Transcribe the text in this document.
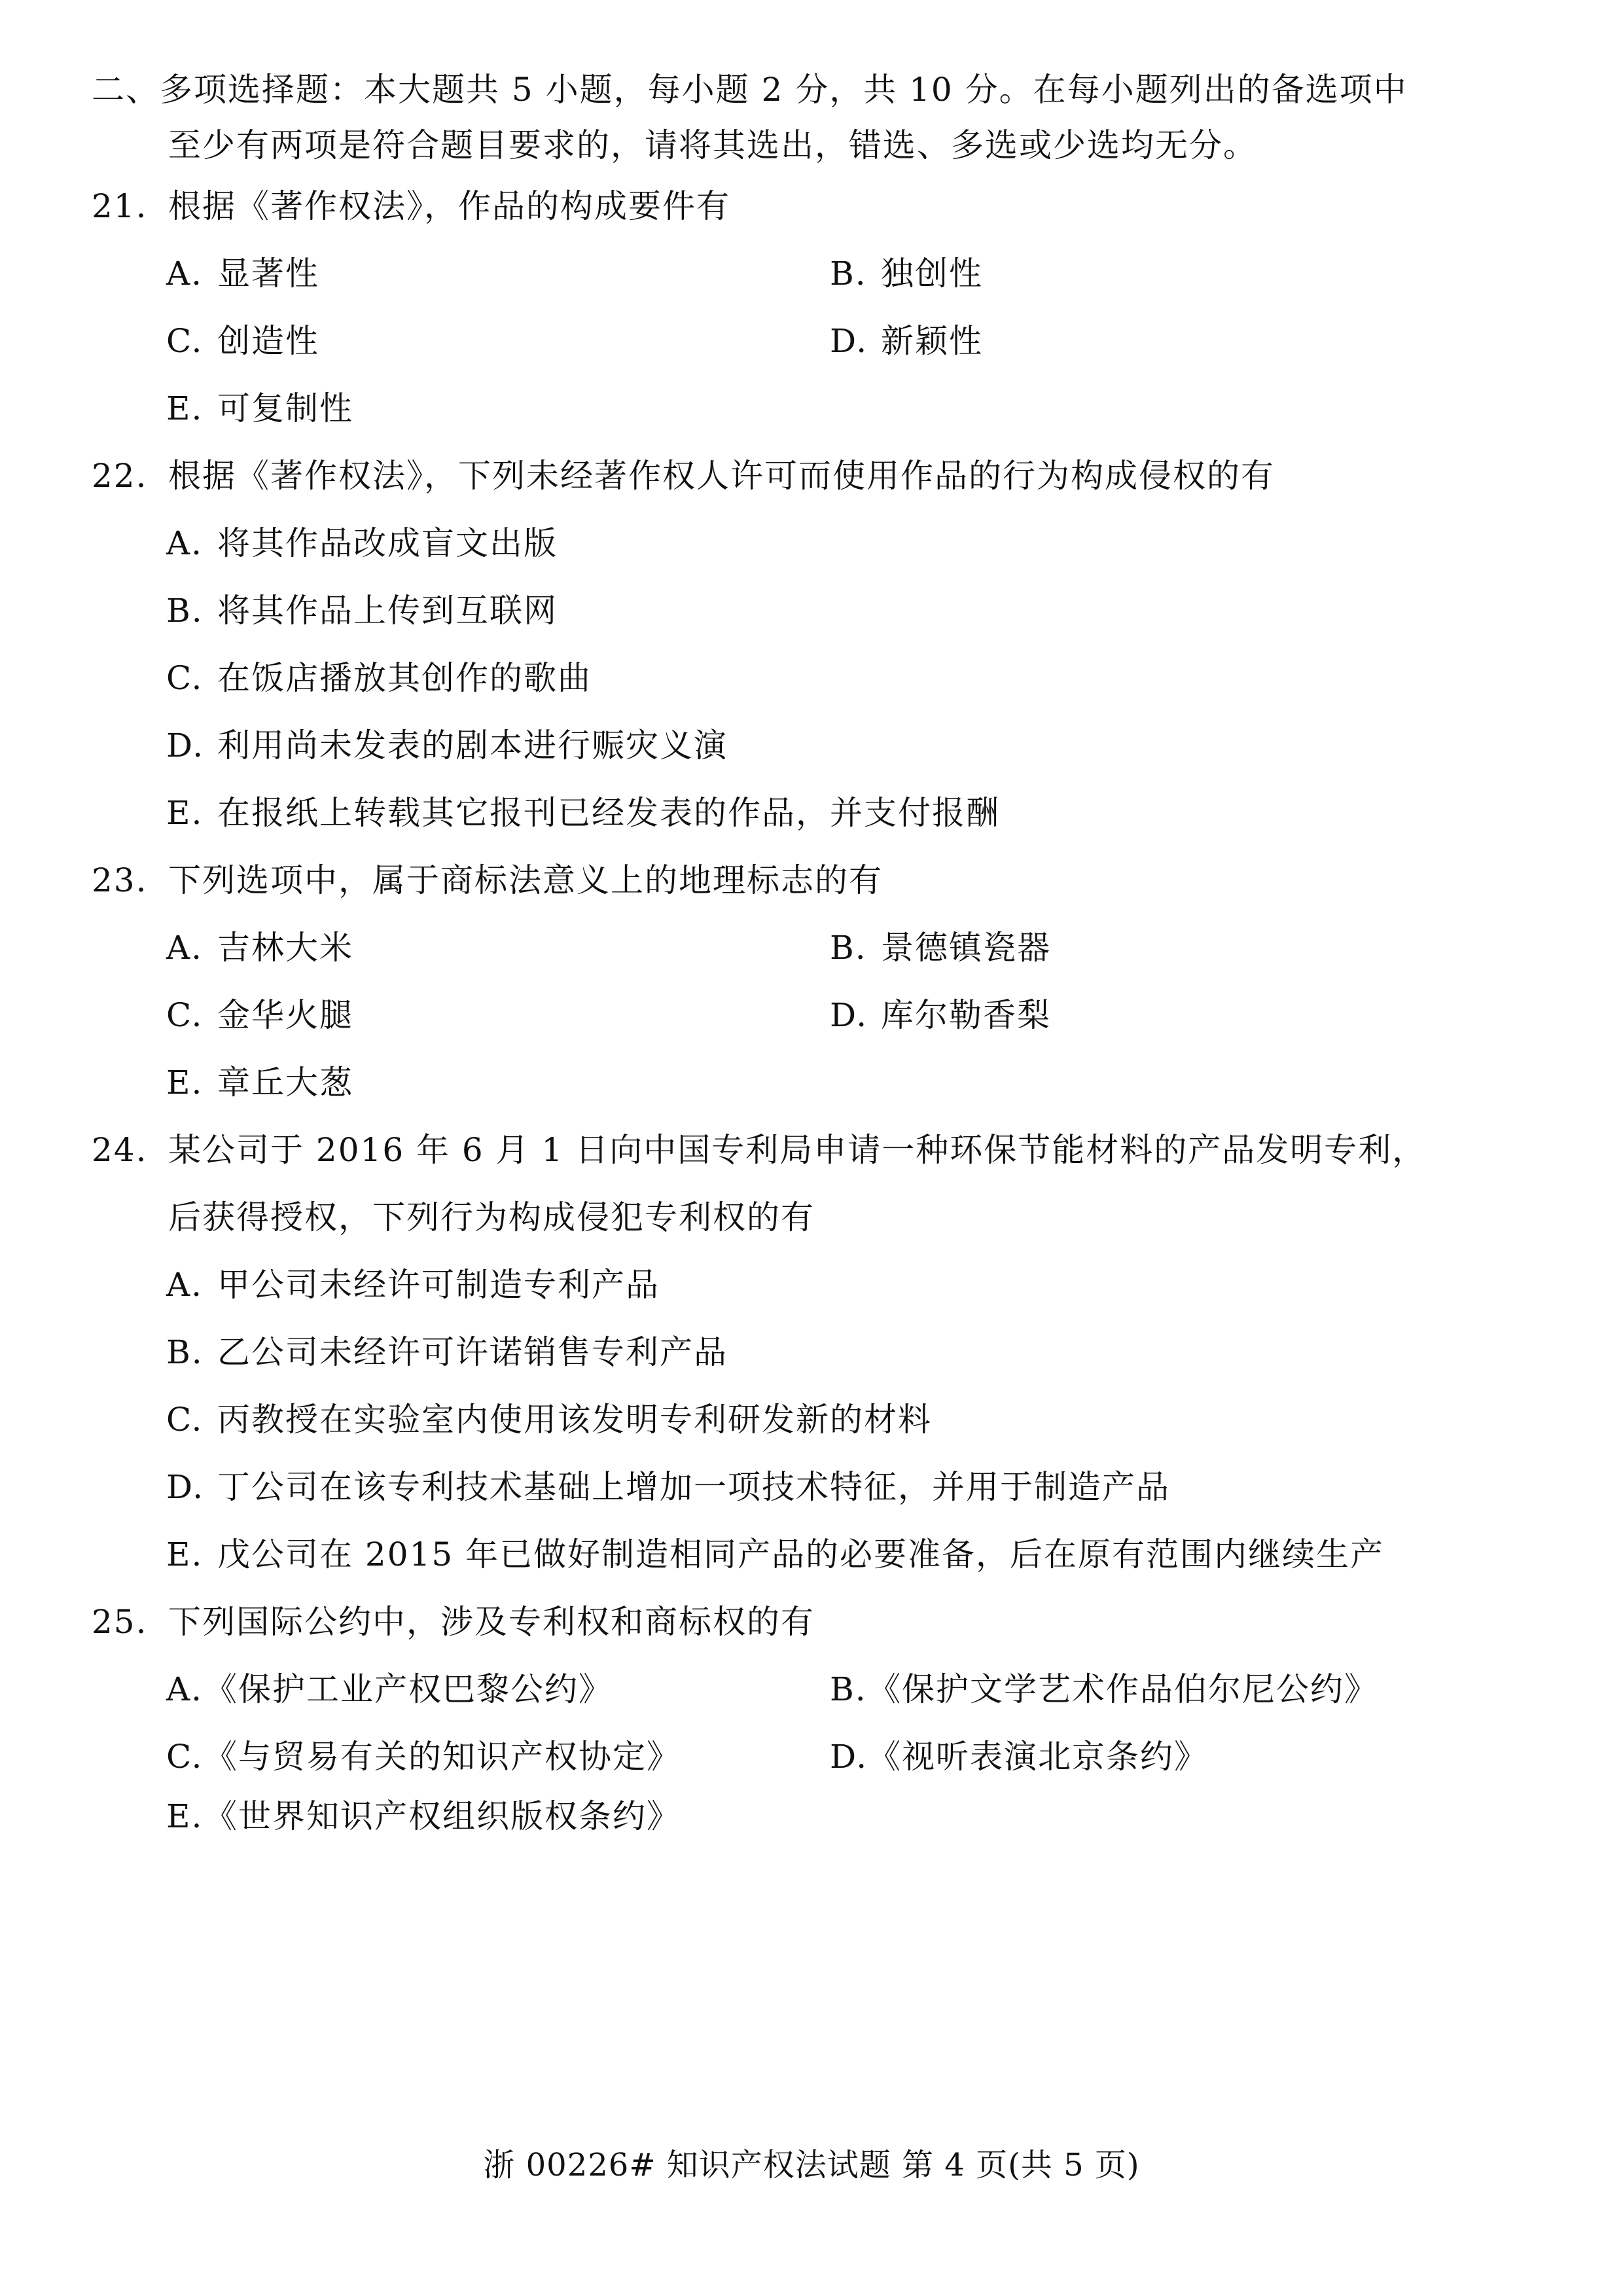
二、多项选择题：本大题共 5 小题，每小题 2 分，共 10 分。在每小题列出的备选项中
至少有两项是符合题目要求的，请将其选出，错选、多选或少选均无分。
21. 根据《著作权法》，作品的构成要件有
A. 显著性	B. 独创性
C. 创造性	D. 新颖性
E. 可复制性
22. 根据《著作权法》，下列未经著作权人许可而使用作品的行为构成侵权的有
A. 将其作品改成盲文出版
B. 将其作品上传到互联网
C. 在饭店播放其创作的歌曲
D. 利用尚未发表的剧本进行赈灾义演
E. 在报纸上转载其它报刊已经发表的作品，并支付报酬
23. 下列选项中，属于商标法意义上的地理标志的有
A. 吉林大米	B. 景德镇瓷器
C. 金华火腿	D. 库尔勒香梨
E. 章丘大葱
24. 某公司于 2016 年 6 月 1 日向中国专利局申请一种环保节能材料的产品发明专利，
后获得授权，下列行为构成侵犯专利权的有
A. 甲公司未经许可制造专利产品
B. 乙公司未经许可许诺销售专利产品
C. 丙教授在实验室内使用该发明专利研发新的材料
D. 丁公司在该专利技术基础上增加一项技术特征，并用于制造产品
E. 戊公司在 2015 年已做好制造相同产品的必要准备，后在原有范围内继续生产
25. 下列国际公约中，涉及专利权和商标权的有
A.《保护工业产权巴黎公约》	B.《保护文学艺术作品伯尔尼公约》
C.《与贸易有关的知识产权协定》	D.《视听表演北京条约》
E.《世界知识产权组织版权条约》
浙 00226# 知识产权法试题 第 4 页(共 5 页)
